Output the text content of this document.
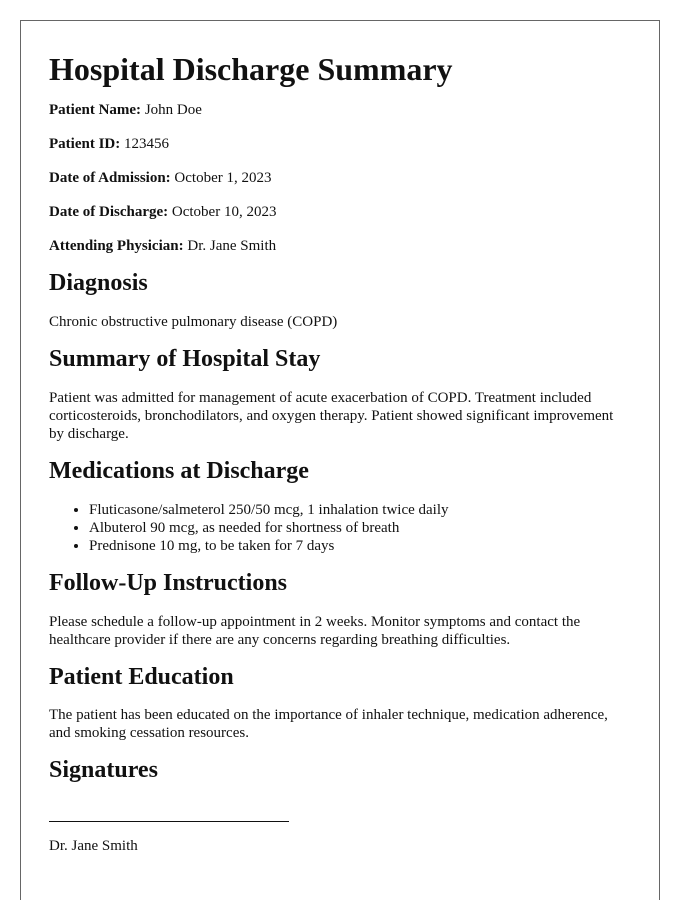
Hospital Discharge Summary

Patient Name: John Doe

Patient ID: 123456

Date of Admission: October 1, 2023

Date of Discharge: October 10, 2023

Attending Physician: Dr. Jane Smith

Diagnosis

Chronic obstructive pulmonary disease (COPD)

Summary of Hospital Stay

Patient was admitted for management of acute exacerbation of COPD. Treatment included corticosteroids, bronchodilators, and oxygen therapy. Patient showed significant improvement by discharge.

Medications at Discharge
• Fluticasone/salmeterol 250/50 mcg, 1 inhalation twice daily
• Albuterol 90 mcg, as needed for shortness of breath
• Prednisone 10 mg, to be taken for 7 days
Follow-Up Instructions

Please schedule a follow-up appointment in 2 weeks. Monitor symptoms and contact the healthcare provider if there are any concerns regarding breathing difficulties.

Patient Education

The patient has been educated on the importance of inhaler technique, medication adherence, and smoking cessation resources.

Signatures

Dr. Jane Smith
